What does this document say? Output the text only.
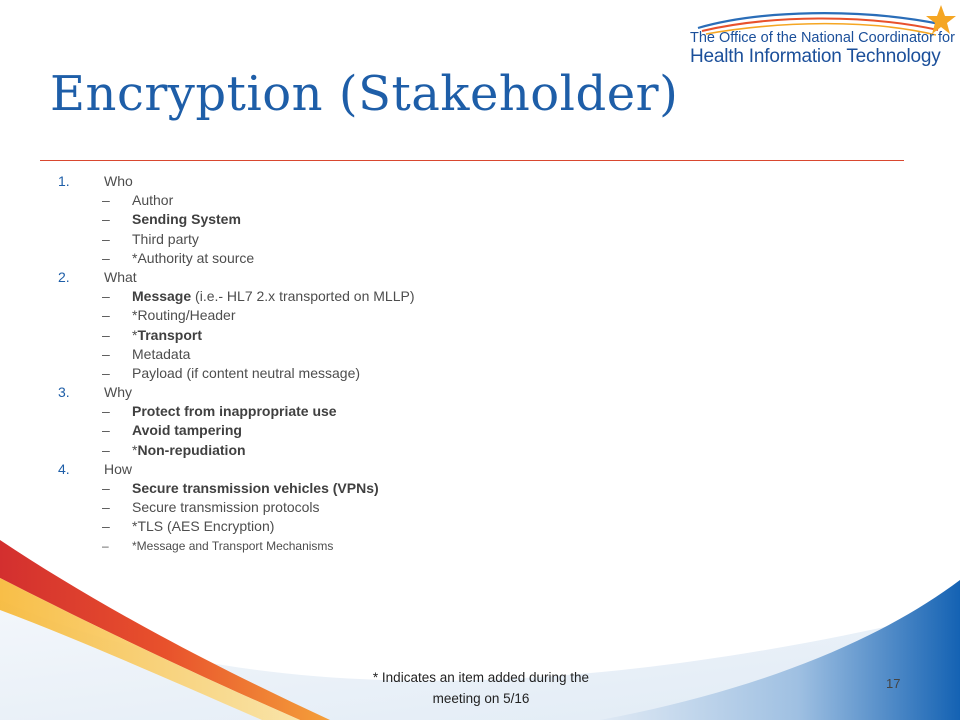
The Office of the National Coordinator for
Health Information Technology
Encryption (Stakeholder)
1. Who
– Author
– Sending System
– Third party
– *Authority at source
2. What
– Message (i.e.- HL7 2.x transported on MLLP)
– *Routing/Header
– *Transport
– Metadata
– Payload (if content neutral message)
3. Why
– Protect from inappropriate use
– Avoid tampering
– *Non-repudiation
4. How
– Secure transmission vehicles (VPNs)
– Secure transmission protocols
– *TLS (AES Encryption)
– *Message and Transport Mechanisms
* Indicates an item added during the meeting on 5/16
17
